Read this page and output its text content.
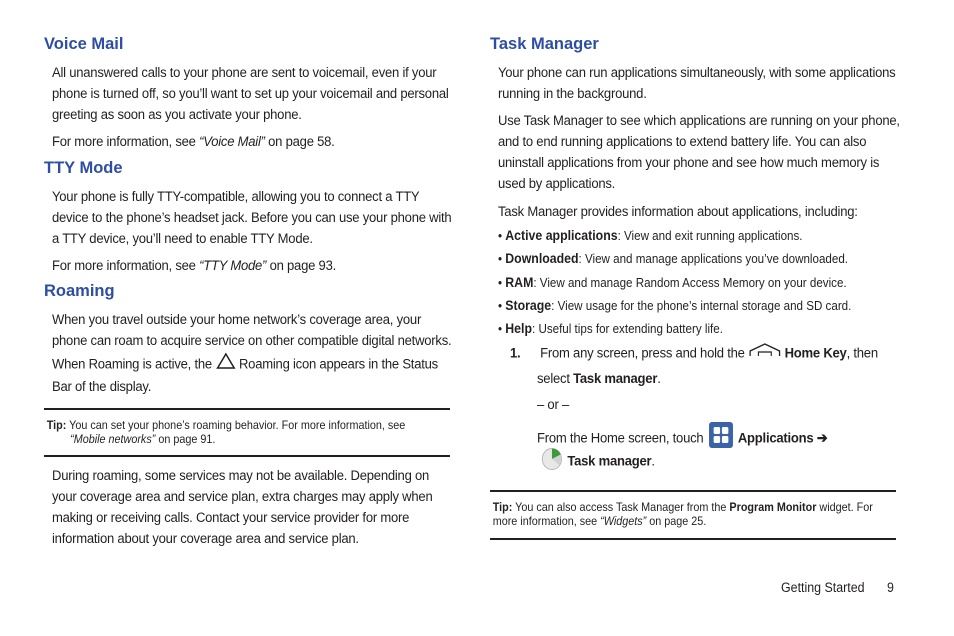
Voice Mail

All unanswered calls to your phone are sent to voicemail, even if your phone is turned off, so you’ll want to set up your voicemail and personal greeting as soon as you activate your phone.

For more information, see “Voice Mail” on page 58.

TTY Mode

Your phone is fully TTY-compatible, allowing you to connect a TTY device to the phone’s headset jack. Before you can use your phone with a TTY device, you’ll need to enable TTY Mode.

For more information, see “TTY Mode” on page 93.

Roaming

When you travel outside your home network’s coverage area, your phone can roam to acquire service on other compatible digital networks. When Roaming is active, the  Roaming icon appears in the Status Bar of the display.

Tip: You can set your phone’s roaming behavior. For more information, see
“Mobile networks” on page 91.

During roaming, some services may not be available. Depending on your coverage area and service plan, extra charges may apply when making or receiving calls. Contact your service provider for more information about your coverage area and service plan.

Task Manager

Your phone can run applications simultaneously, with some applications running in the background.

Use Task Manager to see which applications are running on your phone, and to end running applications to extend battery life. You can also uninstall applications from your phone and see how much memory is used by applications.

Task Manager provides information about applications, including:

• Active applications: View and exit running applications.
• Downloaded: View and manage applications you’ve downloaded.
• RAM: View and manage Random Access Memory on your device.
• Storage: View usage for the phone’s internal storage and SD card.
• Help: Useful tips for extending battery life.
1. From any screen, press and hold the	Home Key, then
select Task manager.
– or –
From the Home screen, touch Applications ➔
Task manager.
Tip: You can also access Task Manager from the Program Monitor widget. For more information, see “Widgets” on page 25.
Getting Started 9
